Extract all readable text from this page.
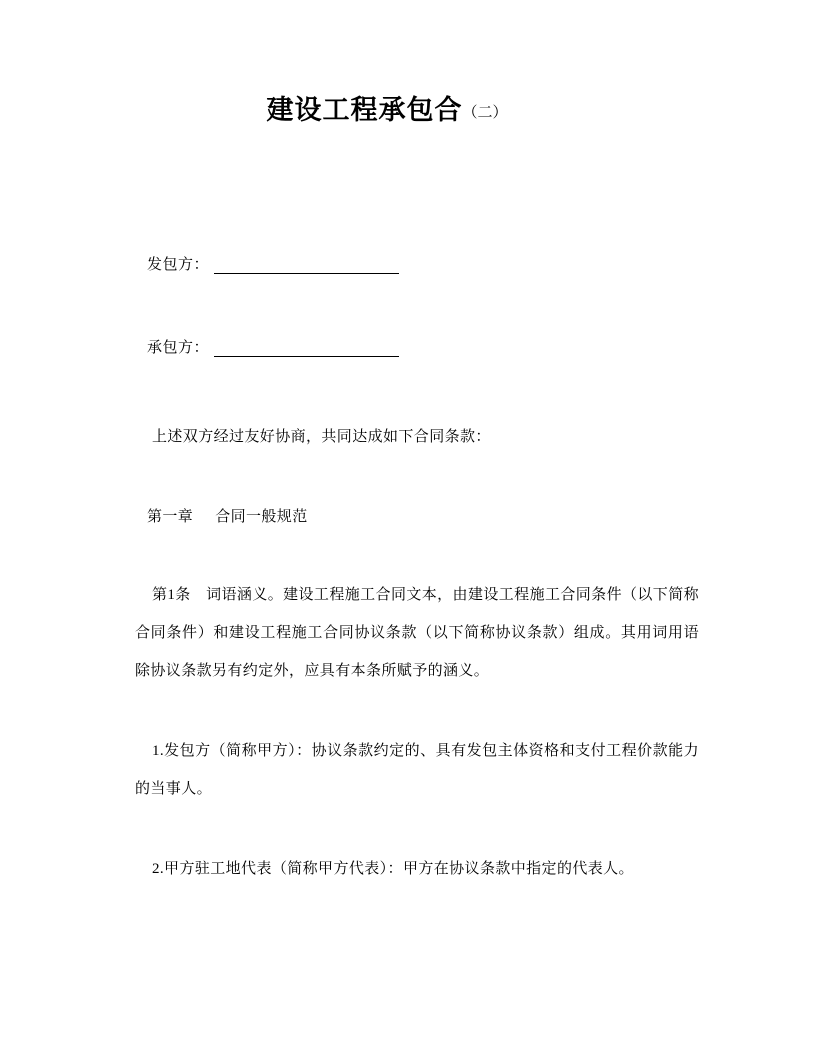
建设工程承包合（二）
发包方：
承包方：

上述双方经过友好协商，共同达成如下合同条款：

第一章 合同一般规范

第1条　词语涵义。建设工程施工合同文本，由建设工程施工合同条件（以下简称合同条件）和建设工程施工合同协议条款（以下简称协议条款）组成。其用词用语除协议条款另有约定外，应具有本条所赋予的涵义。

1.发包方（简称甲方）：协议条款约定的、具有发包主体资格和支付工程价款能力的当事人。

2.甲方驻工地代表（简称甲方代表）：甲方在协议条款中指定的代表人。
